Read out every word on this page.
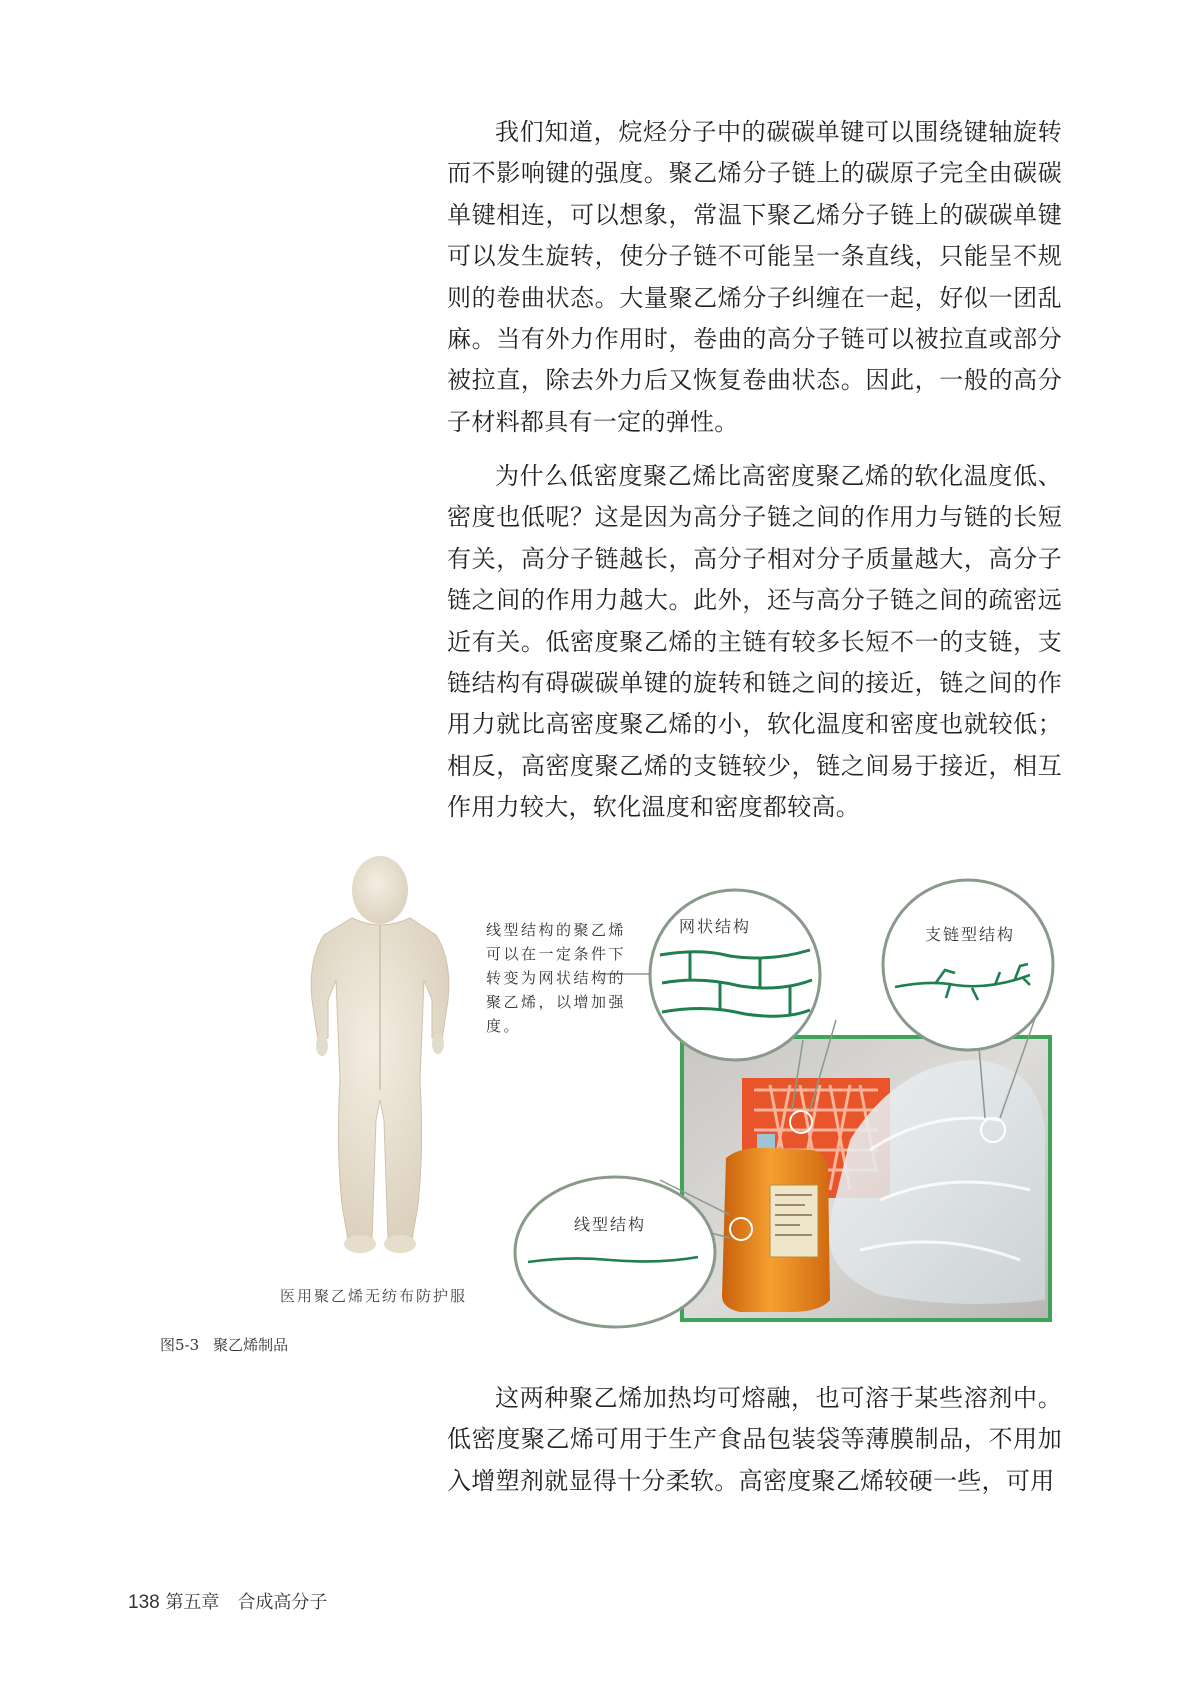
我们知道，烷烃分子中的碳碳单键可以围绕键轴旋转而不影响键的强度。聚乙烯分子链上的碳原子完全由碳碳单键相连，可以想象，常温下聚乙烯分子链上的碳碳单键可以发生旋转，使分子链不可能呈一条直线，只能呈不规则的卷曲状态。大量聚乙烯分子纠缠在一起，好似一团乱麻。当有外力作用时，卷曲的高分子链可以被拉直或部分被拉直，除去外力后又恢复卷曲状态。因此，一般的高分子材料都具有一定的弹性。

为什么低密度聚乙烯比高密度聚乙烯的软化温度低、密度也低呢？这是因为高分子链之间的作用力与链的长短有关，高分子链越长，高分子相对分子质量越大，高分子链之间的作用力越大。此外，还与高分子链之间的疏密远近有关。低密度聚乙烯的主链有较多长短不一的支链，支链结构有碍碳碳单键的旋转和链之间的接近，链之间的作用力就比高密度聚乙烯的小，软化温度和密度也就较低；相反，高密度聚乙烯的支链较少，链之间易于接近，相互作用力较大，软化温度和密度都较高。

网状结构	支链型结构
线型结构
线型结构的聚乙烯可以在一定条件下转变为网状结构的聚乙烯，以增加强度。
医用聚乙烯无纺布防护服
图5-3 聚乙烯制品

这两种聚乙烯加热均可熔融，也可溶于某些溶剂中。低密度聚乙烯可用于生产食品包装袋等薄膜制品，不用加入增塑剂就显得十分柔软。高密度聚乙烯较硬一些，可用

138 第五章 合成高分子
